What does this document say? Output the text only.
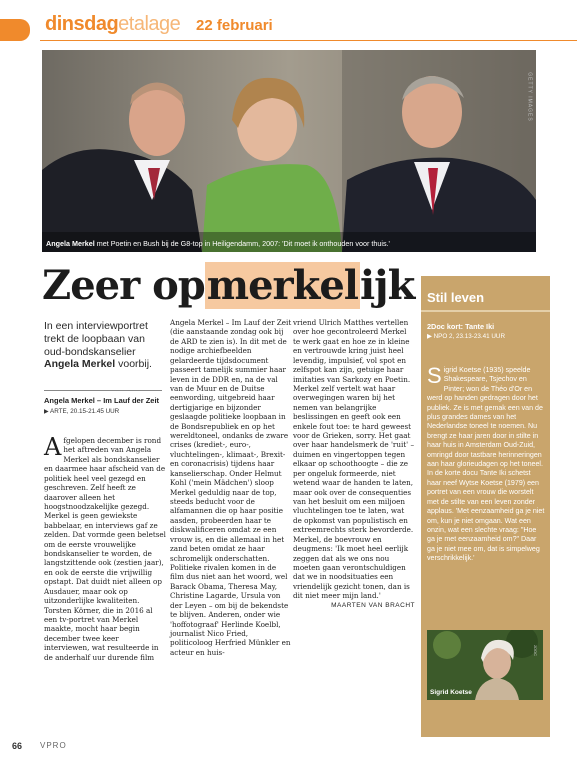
dinsdagetalage 22 februari
Angela Merkel met Poetin en Bush bij de G8-top in Heiligendamm, 2007: 'Dit moet ik onthouden voor thuis.'
GETTY IMAGES
Zeer opmerkelijk
In een interviewportret trekt de loopbaan van oud-bondskanselier Angela Merkel voorbij.
Angela Merkel – Im Lauf der Zeit
▶ ARTE, 20.15-21.45 UUR
Afgelopen december is rond het aftreden van Angela Merkel als bondskanselier en daarmee haar afscheid van de politiek heel veel gezegd en geschreven. Zelf heeft ze daarover alleen het hoogstnoodzakelijke gezegd. Merkel is geen gewiekste babbelaar, en interviews gaf ze zelden. Dat vormde geen beletsel om de eerste vrouwelijke bondskanselier te worden, de langstzittende ook (zestien jaar), en ook de eerste die vrijwillig opstapt. Dat duidt niet alleen op Ausdauer, maar ook op uitzonderlijke kwaliteiten. Torsten Körner, die in 2016 al een tv-portret van Merkel maakte, mocht haar begin december twee keer interviewen, wat resulteerde in de anderhalf uur durende film
Angela Merkel – Im Lauf der Zeit (die aanstaande zondag ook bij de ARD te zien is). In dit met de nodige archiefbeelden gelardeerde tijdsdocument passeert tamelijk summier haar leven in de DDR en, na de val van de Muur en de Duitse eenwording, uitgebreid haar dertigjarige en bijzonder geslaagde politieke loopbaan in de Bondsrepubliek en op het wereldtoneel, ondanks de zware crises (krediet-, euro-, vluchtelingen-, klimaat-, Brexit- en coronacrisis) tijdens haar kanselierschap. Onder Helmut Kohl ('mein Mädchen') sloop Merkel geduldig naar de top, steeds beducht voor de alfamannen die op haar positie aasden, probeerden haar te diskwalificeren omdat ze een vrouw is, en die allemaal in het zand beten omdat ze haar schromelijk onderschatten. Politieke rivalen komen in de film dus niet aan het woord, wel Barack Obama, Theresa May, Christine Lagarde, Ursula von der Leyen – om bij de bekendste te blijven. Anderen, onder wie 'hoffotograaf' Herlinde Koelbl, journalist Nico Fried, politicoloog Herfried Münkler en acteur en huis-
vriend Ulrich Matthes vertellen over hoe gecontroleerd Merkel te werk gaat en hoe ze in kleine en vertrouwde kring juist heel levendig, impulsief, vol spot en zelfspot kan zijn, getuige haar imitaties van Sarkozy en Poetin. Merkel zelf vertelt wat haar overwegingen waren bij het nemen van belangrijke beslissingen en geeft ook een enkele fout toe: te hard geweest voor de Grieken, sorry. Het gaat over haar handelsmerk de 'ruit' – duimen en vingertoppen tegen elkaar op schoothoogte – die ze per ongeluk formeerde, niet wetend waar de handen te laten, maar ook over de consequenties van het besluit om een miljoen vluchtelingen toe te laten, wat de opkomst van populistisch en extreemrechts sterk bevorderde. Merkel, de boevrouw en deugmens: 'Ik moet heel eerlijk zeggen dat als we ons nou moeten gaan verontschuldigen dat we in noodsituaties een vriendelijk gezicht tonen, dan is dit niet meer mijn land.'
MAARTEN VAN BRACHT
Stil leven
2Doc kort: Tante Iki
▶ NPO 2, 23.13-23.41 UUR
Sigrid Koetse (1935) speelde Shakespeare, Tsjechov en Pinter; won de Théo d'Or en werd op handen gedragen door het publiek. Ze is met gemak een van de plus grandes dames van het Nederlandse toneel te noemen. Nu brengt ze haar jaren door in stilte in haar huis in Amsterdam Oud-Zuid, omringd door tastbare herinneringen aan haar glorieudagen op het toneel. In de korte docu Tante Iki schetst haar neef Wytse Koetse (1979) een portret van een vrouw die worstelt met de stilte van een leven zonder applaus. 'Met eenzaamheid ga je niet om, kun je niet omgaan. Wat een onzin, wat een slechte vraag: "Hoe ga je met eenzaamheid om?" Daar ga je niet mee om, dat is simpelweg verschrikkelijk.'
Sigrid Koetse
2DOC
66 VPRO
